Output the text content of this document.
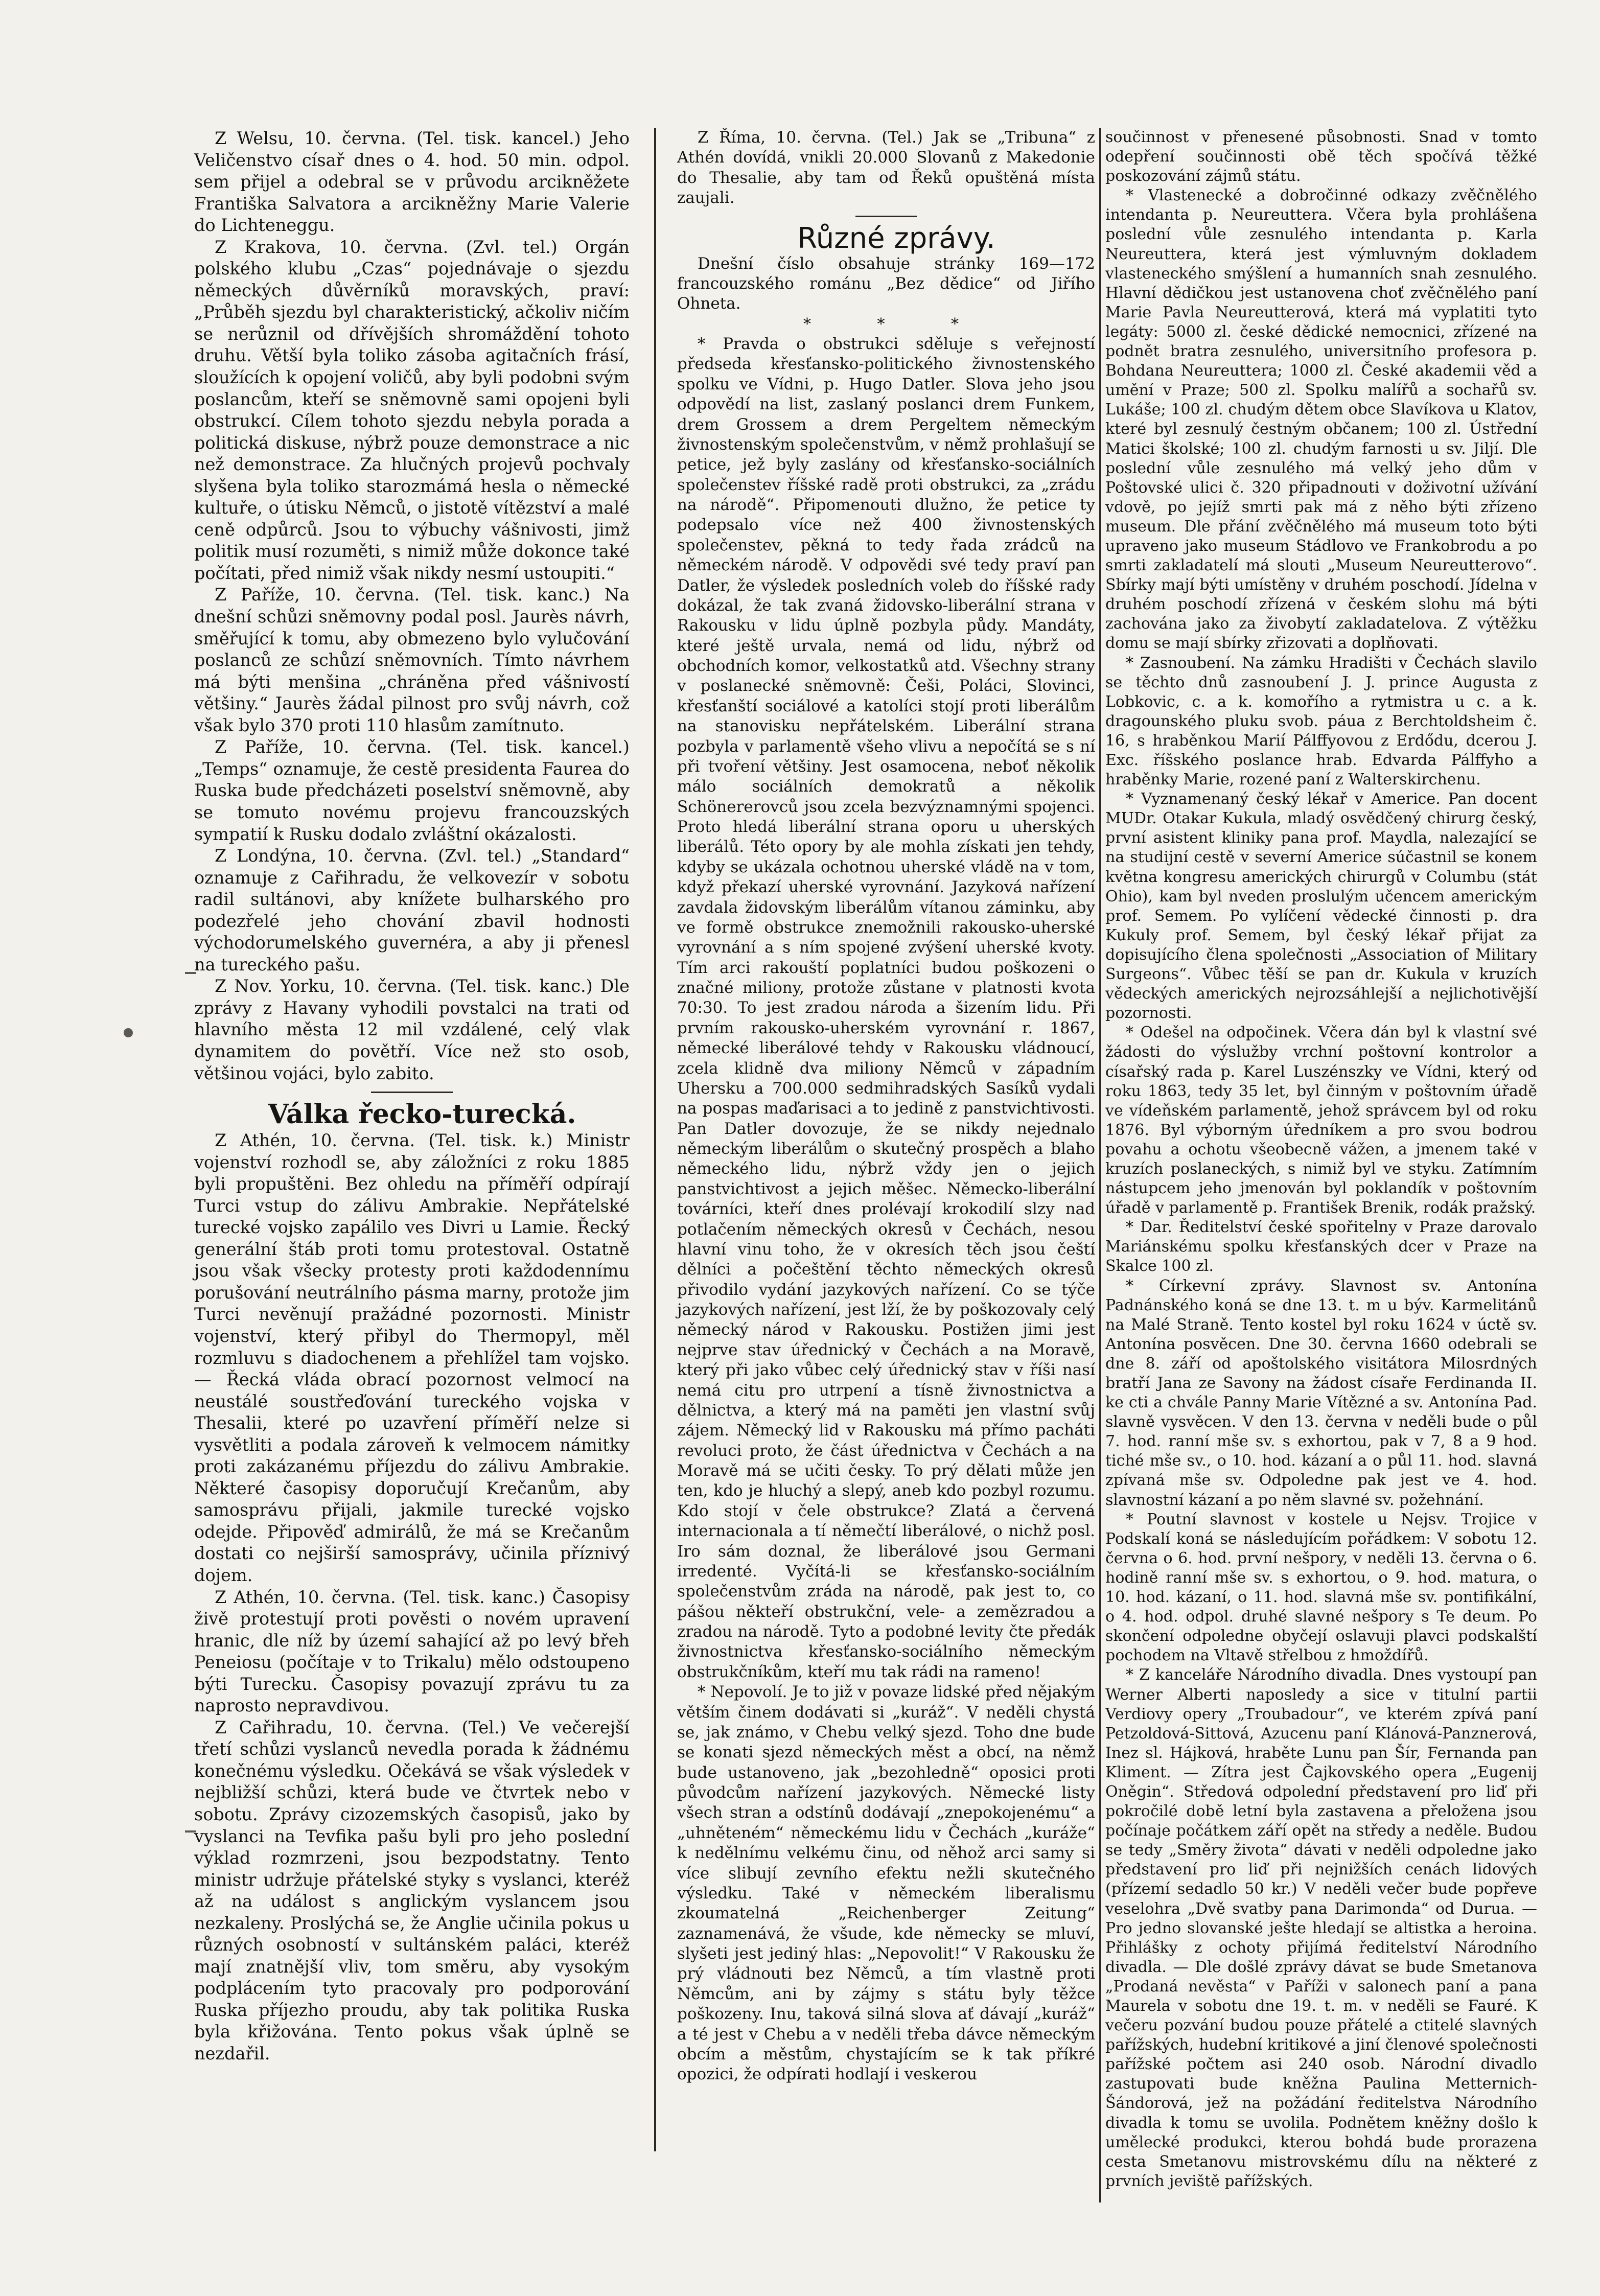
Z Welsu, 10. června. (Tel. tisk. kancel.) Jeho Veličenstvo císař dnes o 4. hod. 50 min. odpol. sem přijel a odebral se v průvodu arcikněžete Františka Salvatora a arcikněžny Marie Valerie do Lichteneggu.

Z Krakova, 10. června. (Zvl. tel.) Orgán polského klubu „Czas“ pojednávaje o sjezdu německých důvěrníků moravských, praví: „Průběh sjezdu byl charakteristický, ačkoliv ničím se nerůznil od dřívějších shromáždění tohoto druhu. Větší byla toliko zásoba agitačních frásí, sloužících k opojení voličů, aby byli podobni svým poslancům, kteří se sněmovně sami opojeni byli obstrukcí. Cílem tohoto sjezdu nebyla porada a politická diskuse, nýbrž pouze demonstrace a nic než demonstrace. Za hlučných projevů pochvaly slyšena byla toliko starozmámá hesla o německé kultuře, o útisku Němců, o jistotě vítězství a malé ceně odpůrců. Jsou to výbuchy vášnivosti, jimž politik musí rozuměti, s nimiž může dokonce také počítati, před nimiž však nikdy nesmí ustoupiti.“

Z Paříže, 10. června. (Tel. tisk. kanc.) Na dnešní schůzi sněmovny podal posl. Jaurès návrh, směřující k tomu, aby obmezeno bylo vylučování poslanců ze schůzí sněmovních. Tímto návrhem má býti menšina „chráněna před vášnivostí většiny.“ Jaurès žádal pilnost pro svůj návrh, což však bylo 370 proti 110 hlasům zamítnuto.

Z Paříže, 10. června. (Tel. tisk. kancel.) „Temps“ oznamuje, že cestě presidenta Faurea do Ruska bude předcházeti poselství sněmovně, aby se tomuto novému projevu francouzských sympatií k Rusku dodalo zvláštní okázalosti.

Z Londýna, 10. června. (Zvl. tel.) „Standard“ oznamuje z Cařihradu, že velkovezír v sobotu radil sultánovi, aby knížete bulharského pro podezřelé jeho chování zbavil hodnosti východorumelského guvernéra, a aby ji přenesl na tureckého pašu.

Z Nov. Yorku, 10. června. (Tel. tisk. kanc.) Dle zprávy z Havany vyhodili povstalci na trati od hlavního města 12 mil vzdálené, celý vlak dynamitem do povětří. Více než sto osob, většinou vojáci, bylo zabito.

Válka řecko-turecká.

Z Athén, 10. června. (Tel. tisk. k.) Ministr vojenství rozhodl se, aby záložníci z roku 1885 byli propuštěni. Bez ohledu na příměří odpírají Turci vstup do zálivu Ambrakie. Nepřátelské turecké vojsko zapálilo ves Divri u Lamie. Řecký generální štáb proti tomu protestoval. Ostatně jsou však všecky protesty proti každodennímu porušování neutrálního pásma marny, protože jim Turci nevěnují pražádné pozornosti. Ministr vojenství, který přibyl do Thermopyl, měl rozmluvu s diadochenem a přehlížel tam vojsko. — Řecká vláda obrací pozornost velmocí na neustálé soustřeďování tureckého vojska v Thesalii, které po uzavření příměří nelze si vysvětliti a podala zároveň k velmocem námitky proti zakázanému příjezdu do zálivu Ambrakie. Některé časopisy doporučují Krečanům, aby samosprávu přijali, jakmile turecké vojsko odejde. Připověď admirálů, že má se Krečanům dostati co nejširší samosprávy, učinila příznivý dojem.

Z Athén, 10. června. (Tel. tisk. kanc.) Časopisy živě protestují proti pověsti o novém upravení hranic, dle níž by území sahající až po levý břeh Peneiosu (počítaje v to Trikalu) mělo odstoupeno býti Turecku. Časopisy povazují zprávu tu za naprosto nepravdivou.

Z Cařihradu, 10. června. (Tel.) Ve večerejší třetí schůzi vyslanců nevedla porada k žádnému konečnému výsledku. Očekává se však výsledek v nejbližší schůzi, která bude ve čtvrtek nebo v sobotu. Zprávy cizozemských časopisů, jako by vyslanci na Tevfika pašu byli pro jeho poslední výklad rozmrzeni, jsou bezpodstatny. Tento ministr udržuje přátelské styky s vyslanci, kteréž až na událost s anglickým vyslancem jsou nezkaleny. Proslýchá se, že Anglie učinila pokus u různých osobností v sultánském paláci, kteréž mají znatnější vliv, tom směru, aby vysokým podplácením tyto pracovaly pro podporování Ruska příjezho proudu, aby tak politika Ruska byla křižována. Tento pokus však úplně se nezdařil.

Z Říma, 10. června. (Tel.) Jak se „Tribuna“ z Athén dovídá, vnikli 20.000 Slovanů z Makedonie do Thesalie, aby tam od Řeků opuštěná místa zaujali.

Různé zprávy.

Dnešní číslo obsahuje stránky 169—172 francouzského románu „Bez dědice“ od Jiřího Ohneta.

* * *

* Pravda o obstrukci sděluje s veřejností předseda křesťansko-politického živnostenského spolku ve Vídni, p. Hugo Datler. Slova jeho jsou odpovědí na list, zaslaný poslanci drem Funkem, drem Grossem a drem Pergeltem německým živnostenským společenstvům, v němž prohlašují se petice, jež byly zaslány od křesťansko-sociálních společenstev říšské radě proti obstrukci, za „zrádu na národě“. Připomenouti dlužno, že petice ty podepsalo více než 400 živnostenských společenstev, pěkná to tedy řada zrádců na německém národě. V odpovědi své tedy praví pan Datler, že výsledek posledních voleb do říšské rady dokázal, že tak zvaná židovsko-liberální strana v Rakousku v lidu úplně pozbyla půdy. Mandáty, které ještě urvala, nemá od lidu, nýbrž od obchodních komor, velkostatků atd. Všechny strany v poslanecké sněmovně: Češi, Poláci, Slovinci, křesťanští sociálové a katolíci stojí proti liberálům na stanovisku nepřátelském. Liberální strana pozbyla v parlamentě všeho vlivu a nepočítá se s ní při tvoření většiny. Jest osamocena, neboť několik málo sociálních demokratů a několik Schönererovců jsou zcela bezvýznamnými spojenci. Proto hledá liberální strana oporu u uherských liberálů. Této opory by ale mohla získati jen tehdy, kdyby se ukázala ochotnou uherské vládě na v tom, když překazí uherské vyrovnání. Jazyková nařízení zavdala židovským liberálům vítanou záminku, aby ve formě obstrukce znemožnili rakousko-uherské vyrovnání a s ním spojené zvýšení uherské kvoty. Tím arci rakouští poplatníci budou poškozeni o značné miliony, protože zůstane v platnosti kvota 70:30. To jest zradou národa a šizením lidu. Při prvním rakousko-uherském vyrovnání r. 1867, německé liberálové tehdy v Rakousku vládnoucí, zcela klidně dva miliony Němců v západním Uhersku a 700.000 sedmihradských Sasíků vydali na pospas maďarisaci a to jedině z panstvichtivosti. Pan Datler dovozuje, že se nikdy nejednalo německým liberálům o skutečný prospěch a blaho německého lidu, nýbrž vždy jen o jejich panstvichtivost a jejich měšec. Německo-liberální továrníci, kteří dnes prolévají krokodilí slzy nad potlačením německých okresů v Čechách, nesou hlavní vinu toho, že v okresích těch jsou čeští dělníci a počeštění těchto německých okresů přivodilo vydání jazykových nařízení. Co se týče jazykových nařízení, jest lží, že by poškozovaly celý německý národ v Rakousku. Postižen jimi jest nejprve stav úřednický v Čechách a na Moravě, který při jako vůbec celý úřednický stav v říši nasí nemá citu pro utrpení a tísně živnostnictva a dělnictva, a který má na paměti jen vlastní svůj zájem. Německý lid v Rakousku má přímo pacháti revoluci proto, že část úřednictva v Čechách a na Moravě má se učiti česky. To prý dělati může jen ten, kdo je hluchý a slepý, aneb kdo pozbyl rozumu. Kdo stojí v čele obstrukce? Zlatá a červená internacionala a tí němečtí liberálové, o nichž posl. Iro sám doznal, že liberálové jsou Germani irredenté. Vyčítá-li se křesťansko-sociálním společenstvům zráda na národě, pak jest to, co pášou někteří obstrukční, vele- a zemězradou a zradou na národě. Tyto a podobné levity čte předák živnostnictva křesťansko-sociálního německým obstrukčníkům, kteří mu tak rádi na rameno!

* Nepovolí. Je to již v povaze lidské před nějakým větším činem dodávati si „kuráž“. V neděli chystá se, jak známo, v Chebu velký sjezd. Toho dne bude se konati sjezd německých měst a obcí, na němž bude ustanoveno, jak „bezohledně“ oposici proti původcům nařízení jazykových. Německé listy všech stran a odstínů dodávají „znepokojenému“ a „uhněteném“ německému lidu v Čechách „kuráže“ k nedělnímu velkému činu, od něhož arci samy si více slibují zevního efektu nežli skutečného výsledku. Také v německém liberalismu zkoumatelná „Reichenberger Zeitung“ zaznamenává, že všude, kde německy se mluví, slyšeti jest jediný hlas: „Nepovolit!“ V Rakousku že prý vládnouti bez Němců, a tím vlastně proti Němcům, ani by zájmy s státu byly těžce poškozeny. Inu, taková silná slova ať dávají „kuráž“ a té jest v Chebu a v neděli třeba dávce německým obcím a městům, chystajícím se k tak příkré opozici, že odpírati hodlají i veskerou

součinnost v přenesené působnosti. Snad v tomto odepření součinnosti obě těch spočívá těžké poskozování zájmů státu.

* Vlastenecké a dobročinné odkazy zvěčnělého intendanta p. Neureuttera. Včera byla prohlášena poslední vůle zesnulého intendanta p. Karla Neureuttera, která jest výmluvným dokladem vlasteneckého smýšlení a humanních snah zesnulého. Hlavní dědičkou jest ustanovena choť zvěčnělého paní Marie Pavla Neureutterová, která má vyplatiti tyto legáty: 5000 zl. české dědické nemocnici, zřízené na podnět bratra zesnulého, universitního profesora p. Bohdana Neureuttera; 1000 zl. České akademii věd a umění v Praze; 500 zl. Spolku malířů a sochařů sv. Lukáše; 100 zl. chudým dětem obce Slavíkova u Klatov, které byl zesnulý čestným občanem; 100 zl. Ústřední Matici školské; 100 zl. chudým farnosti u sv. Jiljí. Dle poslední vůle zesnulého má velký jeho dům v Poštovské ulici č. 320 připadnouti v doživotní užívání vdově, po jejíž smrti pak má z něho býti zřízeno museum. Dle přání zvěčnělého má museum toto býti upraveno jako museum Stádlovo ve Frankobrodu a po smrti zakladatelí má slouti „Museum Neureutterovo“. Sbírky mají býti umístěny v druhém poschodí. Jídelna v druhém poschodí zřízená v českém slohu má býti zachována jako za živobytí zakladatelova. Z výtěžku domu se mají sbírky zřizovati a doplňovati.

* Zasnoubení. Na zámku Hradišti v Čechách slavilo se těchto dnů zasnoubení J. J. prince Augusta z Lobkovic, c. a k. komořího a rytmistra u c. a k. dragounského pluku svob. páua z Berchtoldsheim č. 16, s hraběnkou Marií Pálffyovou z Erdődu, dcerou J. Exc. říšského poslance hrab. Edvarda Pálffyho a hraběnky Marie, rozené paní z Walterskirchenu.

* Vyznamenaný český lékař v Americe. Pan docent MUDr. Otakar Kukula, mladý osvědčený chirurg český, první asistent kliniky pana prof. Maydla, nalezající se na studijní cestě v severní Americe súčastnil se konem května kongresu amerických chirurgů v Columbu (stát Ohio), kam byl nveden proslulým učencem americkým prof. Semem. Po vylíčení vědecké činnosti p. dra Kukuly prof. Semem, byl český lékař přijat za dopisujícího člena společnosti „Association of Military Surgeons“. Vůbec těší se pan dr. Kukula v kruzích vědeckých amerických nejrozsáhlejší a nejlichotivější pozornosti.

* Odešel na odpočinek. Včera dán byl k vlastní své žádosti do výslužby vrchní poštovní kontrolor a císařský rada p. Karel Luszénszky ve Vídni, který od roku 1863, tedy 35 let, byl činným v poštovním úřadě ve vídeňském parlamentě, jehož správcem byl od roku 1876. Byl výborným úředníkem a pro svou bodrou povahu a ochotu všeobecně vážen, a jmenem také v kruzích poslaneckých, s nimiž byl ve styku. Zatímním nástupcem jeho jmenován byl poklandík v poštovním úřadě v parlamentě p. František Brenik, rodák pražský.

* Dar. Ředitelství české spořitelny v Praze darovalo Mariánskému spolku křesťanských dcer v Praze na Skalce 100 zl.

* Církevní zprávy. Slavnost sv. Antonína Padnánského koná se dne 13. t. m u býv. Karmelitánů na Malé Straně. Tento kostel byl roku 1624 v úctě sv. Antonína posvěcen. Dne 30. června 1660 odebrali se dne 8. září od apoštolského visitátora Milosrdných bratří Jana ze Savony na žádost císaře Ferdinanda II. ke cti a chvále Panny Marie Vítězné a sv. Antonína Pad. slavně vysvěcen. V den 13. června v neděli bude o půl 7. hod. ranní mše sv. s exhortou, pak v 7, 8 a 9 hod. tiché mše sv., o 10. hod. kázaní a o půl 11. hod. slavná zpívaná mše sv. Odpoledne pak jest ve 4. hod. slavnostní kázaní a po něm slavné sv. požehnání.

* Poutní slavnost v kostele u Nejsv. Trojice v Podskalí koná se následujícím pořádkem: V sobotu 12. června o 6. hod. první nešpory, v neděli 13. června o 6. hodině ranní mše sv. s exhortou, o 9. hod. matura, o 10. hod. kázaní, o 11. hod. slavná mše sv. pontifikální, o 4. hod. odpol. druhé slavné nešpory s Te deum. Po skončení odpoledne obyčejí oslavuji plavci podskalští pochodem na Vltavě střelbou z hmoždířů.

* Z kanceláře Národního divadla. Dnes vystoupí pan Werner Alberti naposledy a sice v titulní partii Verdiovy opery „Troubadour“, ve kterém zpívá paní Petzoldová-Sittová, Azucenu paní Klánová-Panznerová, Inez sl. Hájková, hraběte Lunu pan Šír, Fernanda pan Kliment. — Zítra jest Čajkovského opera „Eugenij Oněgin“. Středová odpolední představení pro liď při pokročilé době letní byla zastavena a přeložena jsou počínaje počátkem září opět na středy a neděle. Budou se tedy „Směry života“ dávati v neděli odpoledne jako představení pro liď při nejnižších cenách lidových (přízemí sedadlo 50 kr.) V neděli večer bude popřeve veselohra „Dvě svatby pana Darimonda“ od Durua. — Pro jedno slovanské ješte hledají se altistka a heroina. Přihlášky z ochoty přijímá ředitelství Národního divadla. — Dle došlé zprávy dávat se bude Smetanova „Prodaná nevěsta“ v Paříži v salonech paní a pana Maurela v sobotu dne 19. t. m. v neděli se Fauré. K večeru pozvání budou pouze přátelé a ctitelé slavných pařížských, hudební kritikové a jiní členové společnosti pařížské počtem asi 240 osob. Národní divadlo zastupovati bude kněžna Paulina Metternich-Šándorová, jež na požádání ředitelstva Národního divadla k tomu se uvolila. Podnětem kněžny došlo k umělecké produkci, kterou bohdá bude prorazena cesta Smetanovu mistrovskému dílu na některé z prvních jeviště pařížských.
